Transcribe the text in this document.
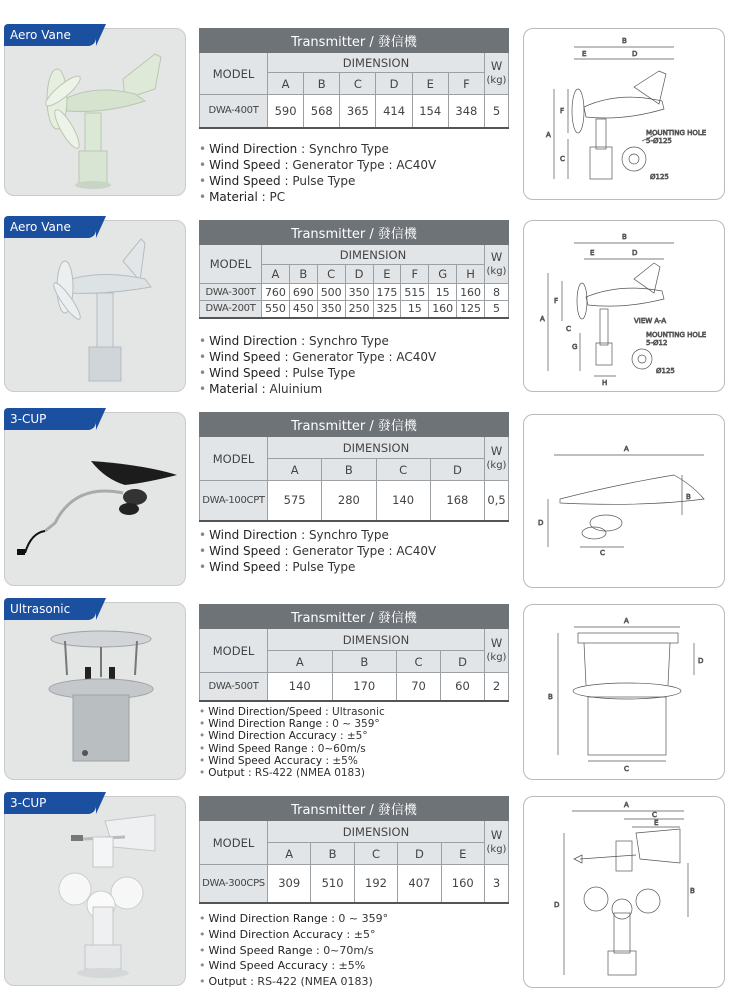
Aero Vane	Transmitter / 發信機							
MODEL	DIMENSION						W
(kg)
	A	B	C	D	E	F	
DWA-400T	590	568	365	414	154	348	5
• Wind Direction : Synchro Type
• Wind Speed : Generator Type : AC40V
• Wind Speed : Pulse Type
• Material : PC
B
E	D
A
F
C
MOUNTING HOLE
5-Ø125
Ø125
Aero Vane	Transmitter / 發信機									
MODEL	DIMENSION								W
(kg)
	A	B	C	D	E	F	G	H	
DWA-300T	760	690	500	350	175	515	15	160	8
DWA-200T	550	450	350	250	325	15	160	125	5
• Wind Direction : Synchro Type
• Wind Speed : Generator Type : AC40V
• Wind Speed : Pulse Type
• Material : Aluinium
B
E	D
A
F
C
G
H
VIEW A-A
MOUNTING HOLE
5-Ø12
Ø125
3-CUP	Transmitter / 發信機					
MODEL	DIMENSION				W
(kg)
	A	B	C	D	
DWA-100CPT	575	280	140	168	0,5
• Wind Direction : Synchro Type
• Wind Speed : Generator Type : AC40V
• Wind Speed : Pulse Type
A
B
C
D
Ultrasonic
Transmitter / 發信機					
MODEL	DIMENSION				W
(kg)
	A	B	C	D	
DWA-500T	140	170	70	60	2
• Wind Direction/Speed : Ultrasonic
• Wind Direction Range : 0 ~ 359°
• Wind Direction Accuracy : ±5°
• Wind Speed Range : 0~60m/s
• Wind Speed Accuracy : ±5%
• Output : RS-422 (NMEA 0183)
A
B
C
D
3-CUP	Transmitter / 發信機						
MODEL	DIMENSION					W
(kg)
	A	B	C	D	E	
DWA-300CPS	309	510	192	407	160	3
• Wind Direction Range : 0 ~ 359°
• Wind Direction Accuracy : ±5°
• Wind Speed Range : 0~70m/s
• Wind Speed Accuracy : ±5%
• Output : RS-422 (NMEA 0183)
A
B
C
D
E
